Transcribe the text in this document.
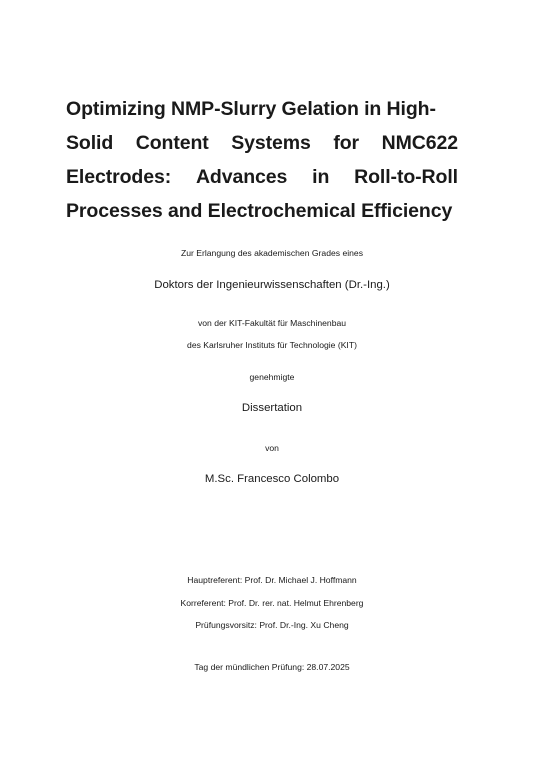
Optimizing NMP-Slurry Gelation in High-
Solid Content Systems for NMC622
Electrodes: Advances in Roll-to-Roll
Processes and Electrochemical Efficiency
Zur Erlangung des akademischen Grades eines
Doktors der Ingenieurwissenschaften (Dr.-Ing.)
von der KIT-Fakultät für Maschinenbau
des Karlsruher Instituts für Technologie (KIT)
genehmigte
Dissertation
von
M.Sc. Francesco Colombo
Hauptreferent: Prof. Dr. Michael J. Hoffmann
Korreferent: Prof. Dr. rer. nat. Helmut Ehrenberg
Prüfungsvorsitz: Prof. Dr.-Ing. Xu Cheng
Tag der mündlichen Prüfung: 28.07.2025
